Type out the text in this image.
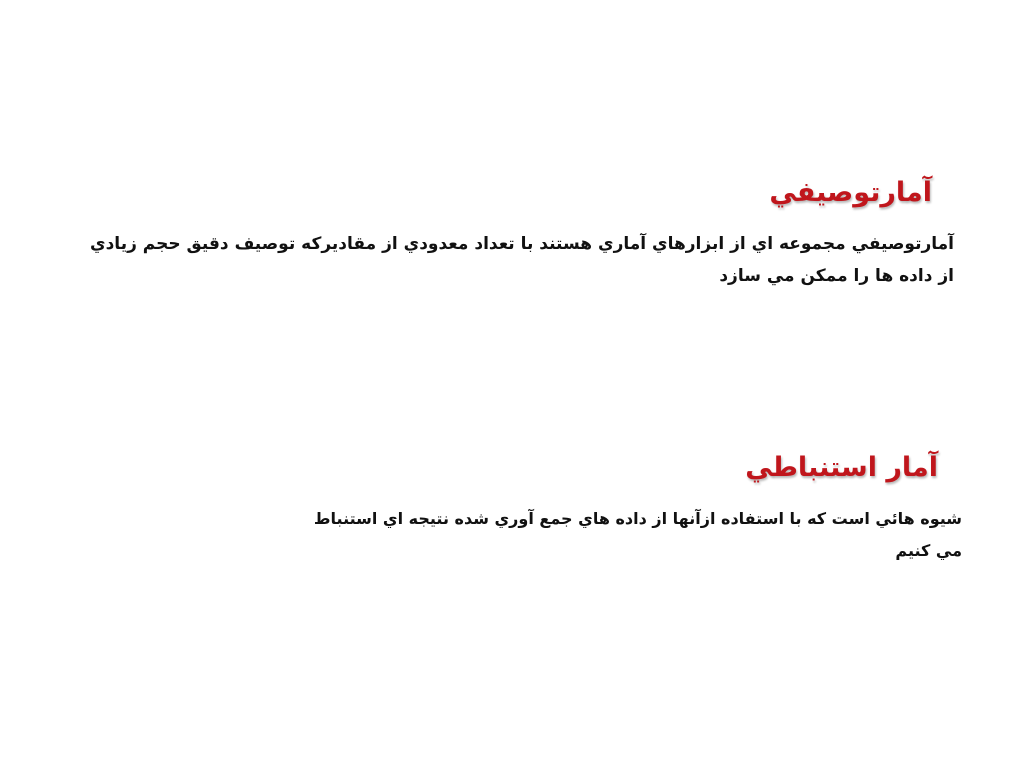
آمارتوصيفي
آمارتوصيفي مجموعه اي از ابزارهاي آماري هستند با تعداد معدودي از مقاديركه توصيف دقيق حجم زيادي از داده ها را ممكن مي سازد
آمار استنباطي
شيوه هائي است كه با استفاده ازآنها از داده هاي جمع آوري شده نتيجه اي استنباط مي كنيم
